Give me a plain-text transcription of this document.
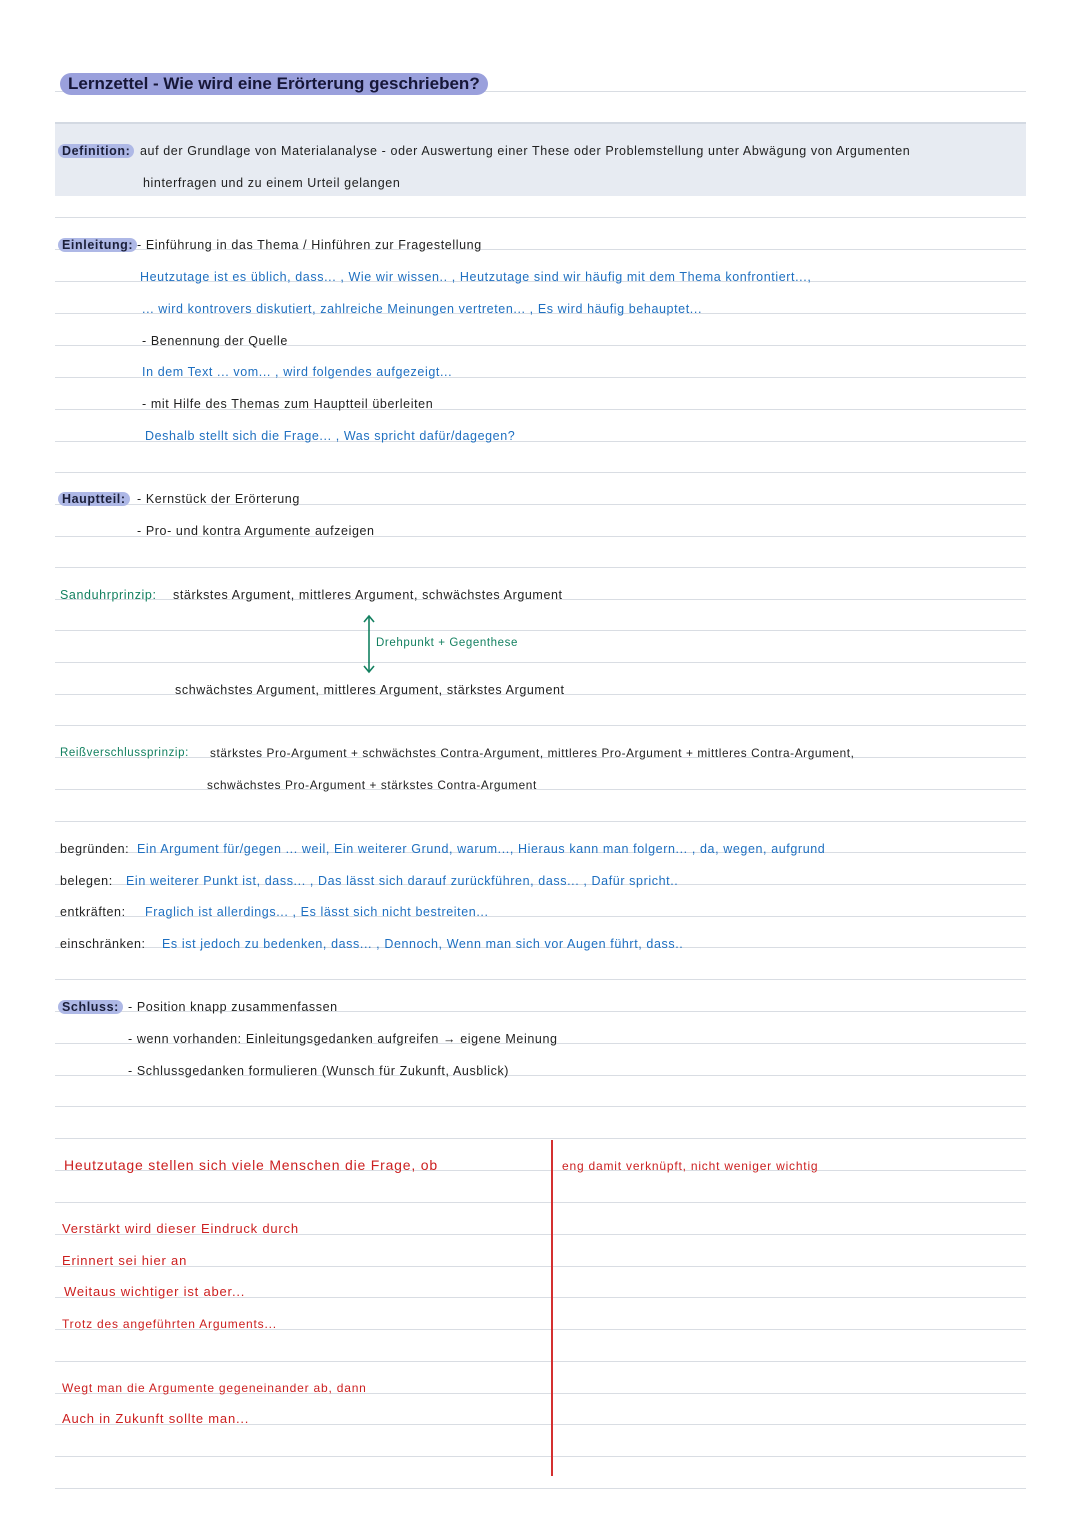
Lernzettel - Wie wird eine Erörterung geschrieben?
Definition: auf der Grundlage von Materialanalyse - oder Auswertung einer These oder Problemstellung unter Abwägung von Argumenten
hinterfragen und zu einem Urteil gelangen
Einleitung: - Einführung in das Thema / Hinführen zur Fragestellung
Heutzutage ist es üblich, dass... , Wie wir wissen.. , Heutzutage sind wir häufig mit dem Thema konfrontiert...,
... wird kontrovers diskutiert, zahlreiche Meinungen vertreten... , Es wird häufig behauptet...
- Benennung der Quelle
In dem Text ... vom... , wird folgendes aufgezeigt...
- mit Hilfe des Themas zum Hauptteil überleiten
Deshalb stellt sich die Frage... , Was spricht dafür/dagegen?
Hauptteil: - Kernstück der Erörterung
- Pro- und kontra Argumente aufzeigen
Sanduhrprinzip: stärkstes Argument, mittleres Argument, schwächstes Argument
Drehpunkt + Gegenthese
schwächstes Argument, mittleres Argument, stärkstes Argument
Reißverschlussprinzip: stärkstes Pro-Argument + schwächstes Contra-Argument, mittleres Pro-Argument + mittleres Contra-Argument,
schwächstes Pro-Argument + stärkstes Contra-Argument
begründen: Ein Argument für/gegen ... weil, Ein weiterer Grund, warum..., Hieraus kann man folgern... , da, wegen, aufgrund
belegen: Ein weiterer Punkt ist, dass... , Das lässt sich darauf zurückführen, dass... , Dafür spricht..
entkräften: Fraglich ist allerdings... , Es lässt sich nicht bestreiten...
einschränken: Es ist jedoch zu bedenken, dass... , Dennoch, Wenn man sich vor Augen führt, dass..
Schluss: - Position knapp zusammenfassen
- wenn vorhanden: Einleitungsgedanken aufgreifen → eigene Meinung
- Schlussgedanken formulieren (Wunsch für Zukunft, Ausblick)
Heutzutage stellen sich viele Menschen die Frage, ob
Verstärkt wird dieser Eindruck durch
Erinnert sei hier an
Weitaus wichtiger ist aber...
Trotz des angeführten Arguments...
Wegt man die Argumente gegeneinander ab, dann
Auch in Zukunft sollte man...
eng damit verknüpft, nicht weniger wichtig
